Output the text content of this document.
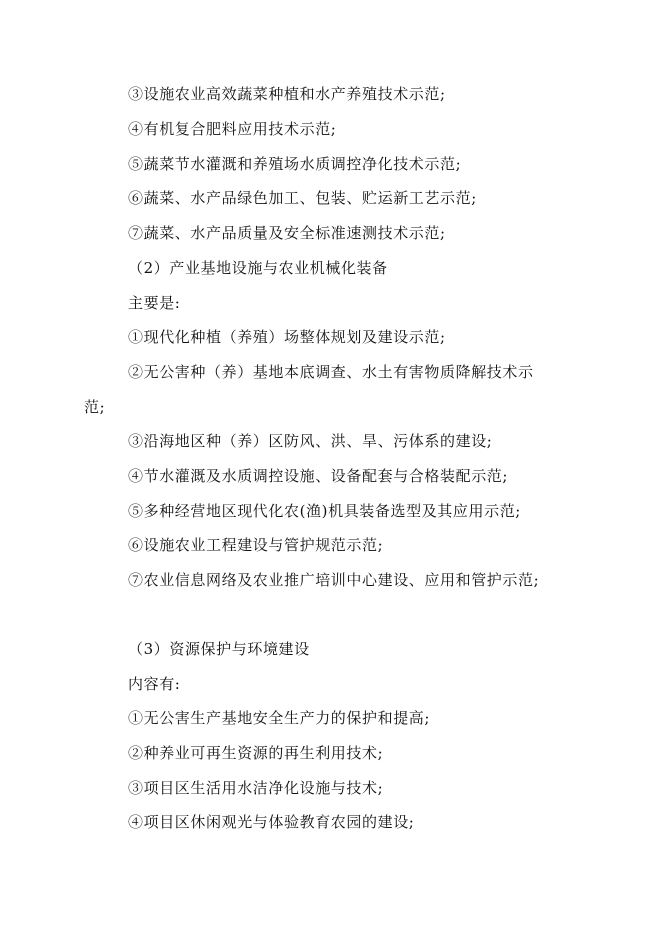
③设施农业高效蔬菜种植和水产养殖技术示范;
④有机复合肥料应用技术示范;
⑤蔬菜节水灌溉和养殖场水质调控净化技术示范;
⑥蔬菜、水产品绿色加工、包装、贮运新工艺示范;
⑦蔬菜、水产品质量及安全标准速测技术示范;
（2）产业基地设施与农业机械化装备
主要是:
①现代化种植（养殖）场整体规划及建设示范;
②无公害种（养）基地本底调查、水土有害物质降解技术示
范;
③沿海地区种（养）区防风、洪、旱、污体系的建设;
④节水灌溉及水质调控设施、设备配套与合格装配示范;
⑤多种经营地区现代化农(渔)机具装备选型及其应用示范;
⑥设施农业工程建设与管护规范示范;
⑦农业信息网络及农业推广培训中心建设、应用和管护示范;
（3）资源保护与环境建设
内容有:
①无公害生产基地安全生产力的保护和提高;
②种养业可再生资源的再生利用技术;
③项目区生活用水洁净化设施与技术;
④项目区休闲观光与体验教育农园的建设;
